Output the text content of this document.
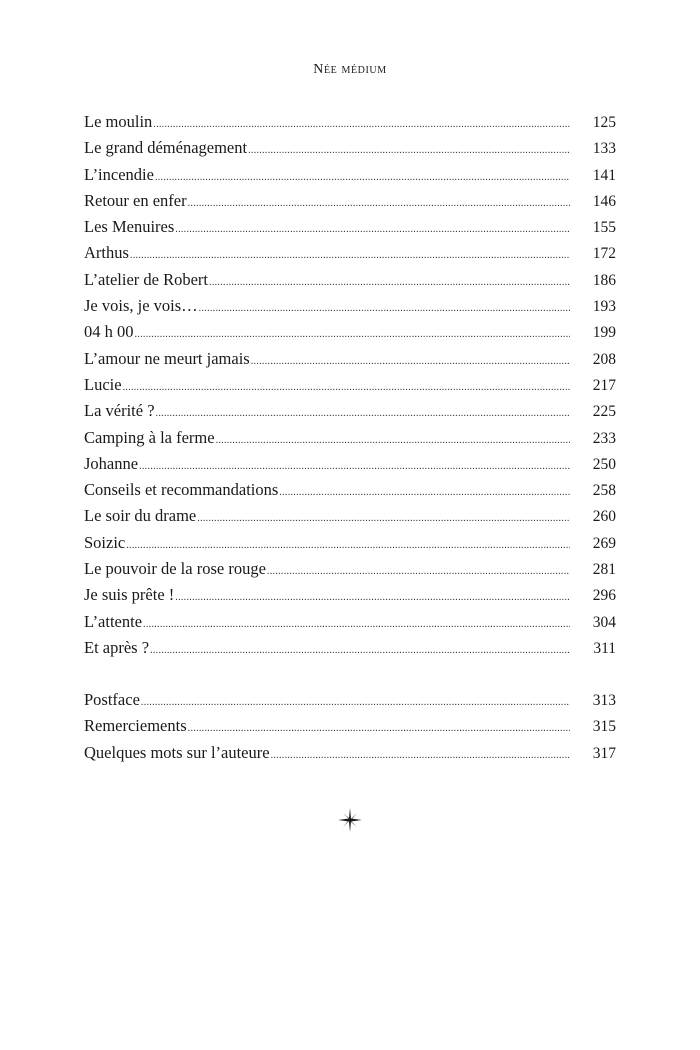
Née médium
Le moulin .....	125
Le grand déménagement .....	133
L’incendie .....	141
Retour en enfer .....	146
Les Menuires .....	155
Arthus .....	172
L’atelier de Robert .....	186
Je vois, je vois… .....	193
04 h 00 .....	199
L’amour ne meurt jamais .....	208
Lucie .....	217
La vérité ? .....	225
Camping à la ferme .....	233
Johanne .....	250
Conseils et recommandations .....	258
Le soir du drame .....	260
Soizic .....	269
Le pouvoir de la rose rouge .....	281
Je suis prête ! .....	296
L’attente .....	304
Et après ? .....	311
Postface .....	313
Remerciements .....	315
Quelques mots sur l’auteure .....	317
